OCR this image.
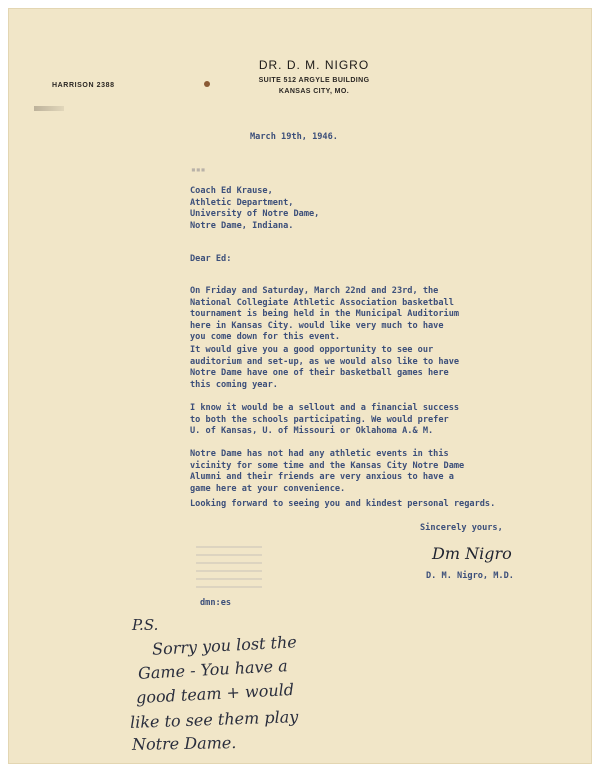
DR. D. M. NIGRO
SUITE 512 ARGYLE BUILDING
KANSAS CITY, MO.
HARRISON 2388
March 19th, 1946.
▪▪▪
Coach Ed Krause,
Athletic Department,
University of Notre Dame,
Notre Dame, Indiana.
Dear Ed:
On Friday and Saturday, March 22nd and 23rd, the
National Collegiate Athletic Association basketball
tournament is being held in the Municipal Auditorium
here in Kansas City. would like very much to have
you come down for this event.
It would give you a good opportunity to see our
auditorium and set-up, as we would also like to have
Notre Dame have one of their basketball games here
this coming year.
I know it would be a sellout and a financial success
to both the schools participating. We would prefer
U. of Kansas, U. of Missouri or Oklahoma A.& M.
Notre Dame has not had any athletic events in this
vicinity for some time and the Kansas City Notre Dame
Alumni and their friends are very anxious to have a
game here at your convenience.
Looking forward to seeing you and kindest personal regards.
Sincerely yours,
Dm Nigro
D. M. Nigro, M.D.
dmn:es
P.S.
Sorry you lost the
Game - You have a
good team + would
like to see them play
Notre Dame.
